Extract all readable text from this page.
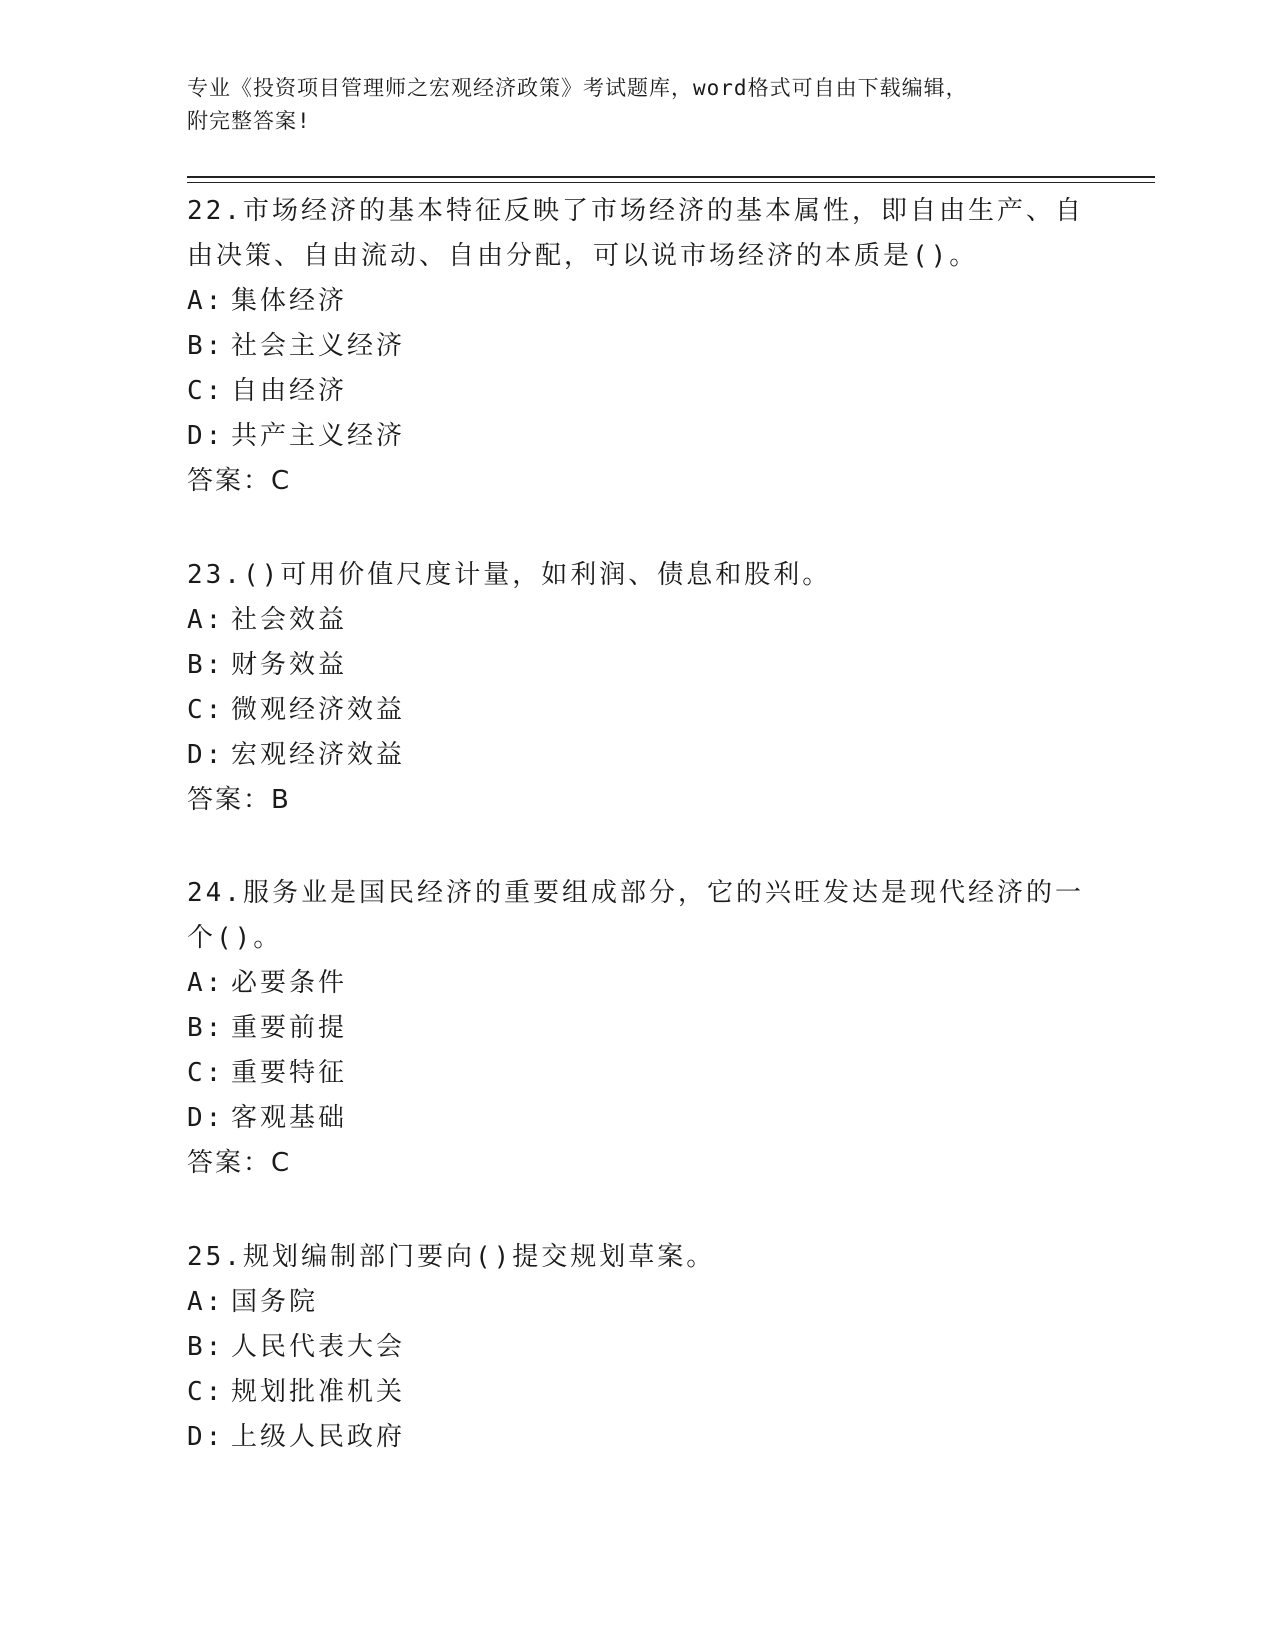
专业《投资项目管理师之宏观经济政策》考试题库，word格式可自由下载编辑，
附完整答案!

22.市场经济的基本特征反映了市场经济的基本属性，即自由生产、自

由决策、自由流动、自由分配，可以说市场经济的本质是()。

A: 集体经济

B: 社会主义经济

C: 自由经济

D: 共产主义经济

答案：C

23.()可用价值尺度计量，如利润、债息和股利。

A: 社会效益

B: 财务效益

C: 微观经济效益

D: 宏观经济效益

答案：B

24.服务业是国民经济的重要组成部分，它的兴旺发达是现代经济的一

个()。

A: 必要条件

B: 重要前提

C: 重要特征

D: 客观基础

答案：C

25.规划编制部门要向()提交规划草案。

A: 国务院

B: 人民代表大会

C: 规划批准机关

D: 上级人民政府
